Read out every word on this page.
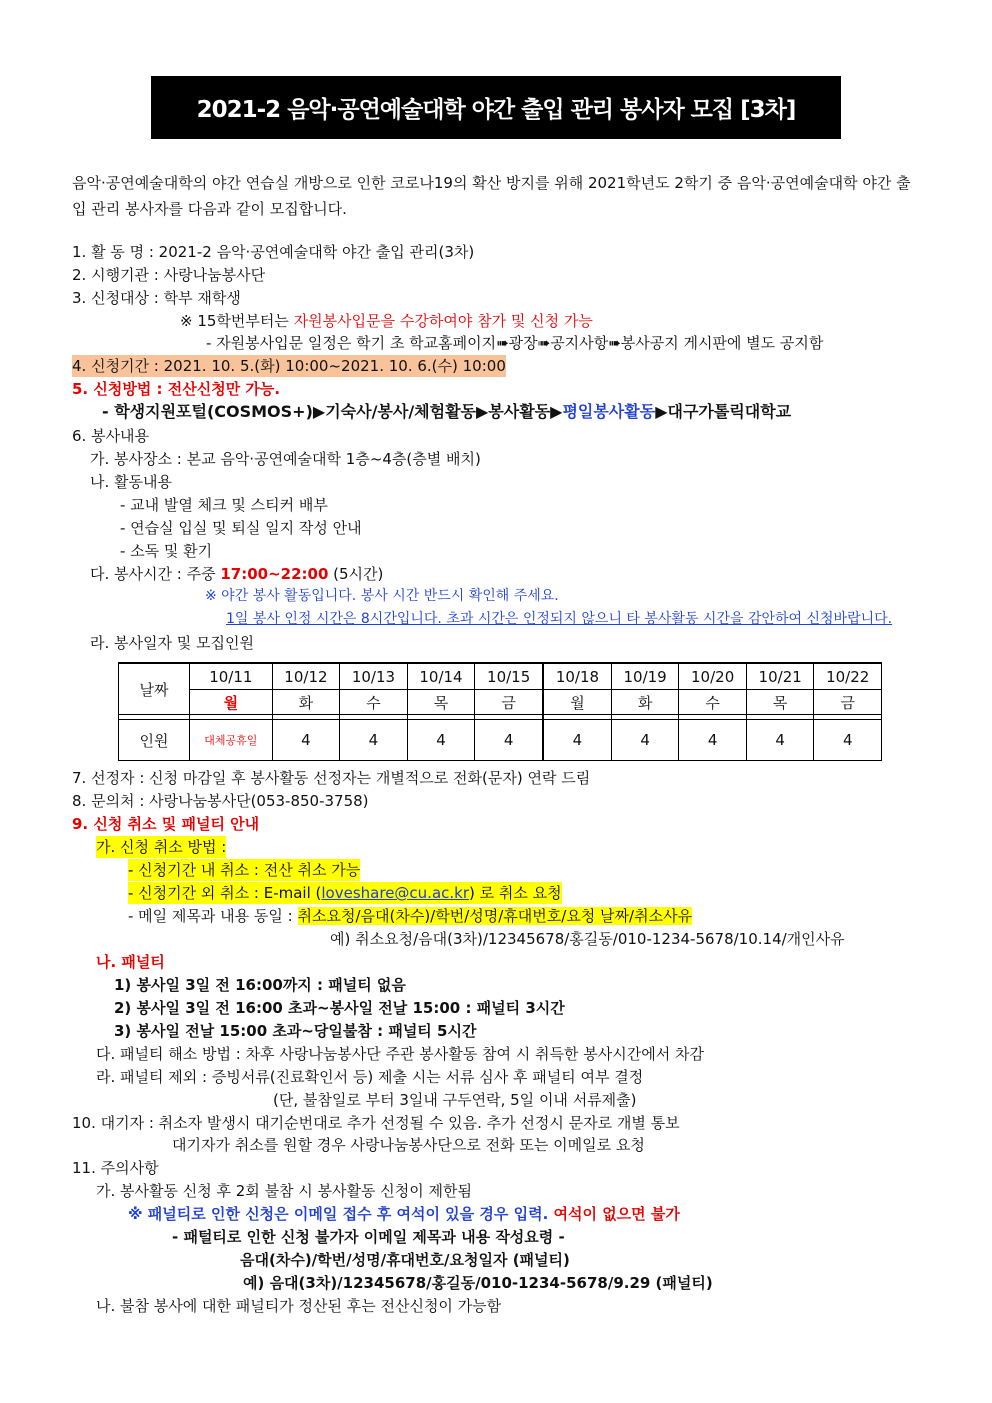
2021-2 음악·공연예술대학 야간 출입 관리 봉사자 모집 [3차]
음악·공연예술대학의 야간 연습실 개방으로 인한 코로나19의 확산 방지를 위해 2021학년도 2학기 중 음악·공연예술대학 야간 출입 관리 봉사자를 다음과 같이 모집합니다.
1. 활 동 명 : 2021-2 음악·공연예술대학 야간 출입 관리(3차)
2. 시행기관 : 사랑나눔봉사단
3. 신청대상 : 학부 재학생
※ 15학번부터는 자원봉사입문을 수강하여야 참가 및 신청 가능
- 자원봉사입문 일정은 학기 초 학교홈페이지➠광장➠공지사항➠봉사공지 게시판에 별도 공지함
4. 신청기간 : 2021. 10. 5.(화) 10:00~2021. 10. 6.(수) 10:00
5. 신청방법 : 전산신청만 가능.
- 학생지원포털(COSMOS+)▶기숙사/봉사/체험활동▶봉사활동▶평일봉사활동▶대구가톨릭대학교
6. 봉사내용
가. 봉사장소 : 본교 음악·공연예술대학 1층~4층(층별 배치)
나. 활동내용
- 교내 발열 체크 및 스티커 배부
- 연습실 입실 및 퇴실 일지 작성 안내
- 소독 및 환기
다. 봉사시간 : 주중 17:00~22:00 (5시간)
※ 야간 봉사 활동입니다. 봉사 시간 반드시 확인해 주세요.
1일 봉사 인정 시간은 8시간입니다. 초과 시간은 인정되지 않으니 타 봉사활동 시간을 감안하여 신청바랍니다.
라. 봉사일자 및 모집인원
날짜	10/11	10/12	10/13	10/14	10/15	10/18	10/19	10/20	10/21	10/22
	월	화	수	목	금	월	화	수	목	금

인원	대체공휴일	4	4	4	4	4	4	4	4	4
7. 선정자 : 신청 마감일 후 봉사활동 선정자는 개별적으로 전화(문자) 연락 드림
8. 문의처 : 사랑나눔봉사단(053-850-3758)
9. 신청 취소 및 패널티 안내
가. 신청 취소 방법 :
- 신청기간 내 취소 : 전산 취소 가능
- 신청기간 외 취소 : E-mail (loveshare@cu.ac.kr) 로 취소 요청
- 메일 제목과 내용 동일 : 취소요청/음대(차수)/학번/성명/휴대번호/요청 날짜/취소사유
예) 취소요청/음대(3차)/12345678/홍길동/010-1234-5678/10.14/개인사유
나. 패널티
1) 봉사일 3일 전 16:00까지 : 패널티 없음
2) 봉사일 3일 전 16:00 초과~봉사일 전날 15:00 : 패널티 3시간
3) 봉사일 전날 15:00 초과~당일불참 : 패널티 5시간
다. 패널티 해소 방법 : 차후 사랑나눔봉사단 주관 봉사활동 참여 시 취득한 봉사시간에서 차감
라. 패널티 제외 : 증빙서류(진료확인서 등) 제출 시는 서류 심사 후 패널티 여부 결정
(단, 불참일로 부터 3일내 구두연락, 5일 이내 서류제출)
10. 대기자 : 취소자 발생시 대기순번대로 추가 선정될 수 있음. 추가 선정시 문자로 개별 통보
대기자가 취소를 원할 경우 사랑나눔봉사단으로 전화 또는 이메일로 요청
11. 주의사항
가. 봉사활동 신청 후 2회 불참 시 봉사활동 신청이 제한됨
※ 패널티로 인한 신청은 이메일 접수 후 여석이 있을 경우 입력. 여석이 없으면 불가
- 패털티로 인한 신청 불가자 이메일 제목과 내용 작성요령 -
음대(차수)/학번/성명/휴대번호/요청일자 (패널티)
예) 음대(3차)/12345678/홍길동/010-1234-5678/9.29 (패널티)
나. 불참 봉사에 대한 패널티가 정산된 후는 전산신청이 가능함
